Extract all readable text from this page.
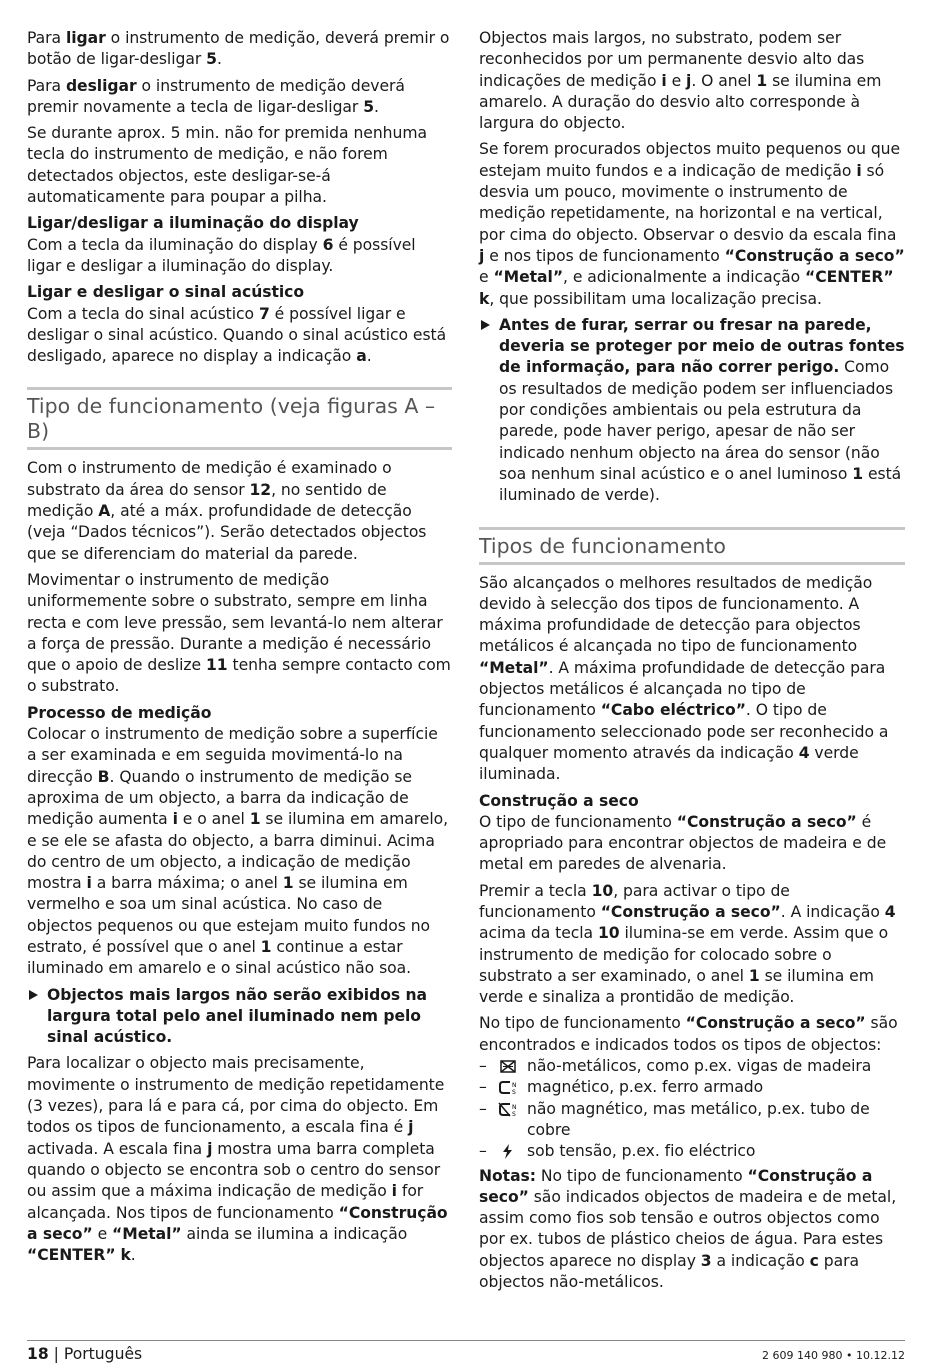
Para ligar o instrumento de medição, deverá premir o botão de ligar-desligar 5.

Para desligar o instrumento de medição deverá premir novamente a tecla de ligar-desligar 5.

Se durante aprox. 5 min. não for premida nenhuma tecla do instrumento de medição, e não forem detectados objectos, este desligar-se-á automaticamente para poupar a pilha.

Ligar/desligar a iluminação do display

Com a tecla da iluminação do display 6 é possível ligar e desligar a iluminação do display.

Ligar e desligar o sinal acústico

Com a tecla do sinal acústico 7 é possível ligar e desligar o sinal acústico. Quando o sinal acústico está desligado, aparece no display a indicação a.

Tipo de funcionamento (veja figuras A – B)

Com o instrumento de medição é examinado o substrato da área do sensor 12, no sentido de medição A, até a máx. profundidade de detecção (veja “Dados técnicos”). Serão detectados objectos que se diferenciam do material da parede.

Movimentar o instrumento de medição uniformemente sobre o substrato, sempre em linha recta e com leve pressão, sem levantá-lo nem alterar a força de pressão. Durante a medição é necessário que o apoio de deslize 11 tenha sempre contacto com o substrato.

Processo de medição

Colocar o instrumento de medição sobre a superfície a ser examinada e em seguida movimentá-lo na direcção B. Quando o instrumento de medição se aproxima de um objecto, a barra da indicação de medição aumenta i e o anel 1 se ilumina em amarelo, e se ele se afasta do objecto, a barra diminui. Acima do centro de um objecto, a indicação de medição mostra i a barra máxima; o anel 1 se ilumina em vermelho e soa um sinal acústica. No caso de objectos pequenos ou que estejam muito fundos no estrato, é possível que o anel 1 continue a estar iluminado em amarelo e o sinal acústico não soa.

Objectos mais largos não serão exibidos na largura total pelo anel iluminado nem pelo sinal acústico.

Para localizar o objecto mais precisamente, movimente o instrumento de medição repetidamente (3 vezes), para lá e para cá, por cima do objecto. Em todos os tipos de funcionamento, a escala fina é j activada. A escala fina j mostra uma barra completa quando o objecto se encontra sob o centro do sensor ou assim que a máxima indicação de medição i for alcançada. Nos tipos de funcionamento “Construção a seco” e “Metal” ainda se ilumina a indicação “CENTER” k.

Objectos mais largos, no substrato, podem ser reconhecidos por um permanente desvio alto das indicações de medição i e j. O anel 1 se ilumina em amarelo. A duração do desvio alto corresponde à largura do objecto.

Se forem procurados objectos muito pequenos ou que estejam muito fundos e a indicação de medição i só desvia um pouco, movimente o instrumento de medição repetidamente, na horizontal e na vertical, por cima do objecto. Observar o desvio da escala fina j e nos tipos de funcionamento “Construção a seco” e “Metal”, e adicionalmente a indicação “CENTER” k, que possibilitam uma localização precisa.

Antes de furar, serrar ou fresar na parede, deveria se proteger por meio de outras fontes de informação, para não correr perigo. Como os resultados de medição podem ser influenciados por condições ambientais ou pela estrutura da parede, pode haver perigo, apesar de não ser indicado nenhum objecto na área do sensor (não soa nenhum sinal acústico e o anel luminoso 1 está iluminado de verde).
Tipos de funcionamento

São alcançados o melhores resultados de medição devido à selecção dos tipos de funcionamento. A máxima profundidade de detecção para objectos metálicos é alcançada no tipo de funcionamento “Metal”. A máxima profundidade de detecção para objectos metálicos é alcançada no tipo de funcionamento “Cabo eléctrico”. O tipo de funcionamento seleccionado pode ser reconhecido a qualquer momento através da indicação 4 verde iluminada.

Construção a seco

O tipo de funcionamento “Construção a seco” é apropriado para encontrar objectos de madeira e de metal em paredes de alvenaria.

Premir a tecla 10, para activar o tipo de funcionamento “Construção a seco”. A indicação 4 acima da tecla 10 ilumina-se em verde. Assim que o instrumento de medição for colocado sobre o substrato a ser examinado, o anel 1 se ilumina em verde e sinaliza a prontidão de medição.

No tipo de funcionamento “Construção a seco” são encontrados e indicados todos os tipos de objectos:

–	não-metálicos, como p.ex. vigas de madeira
–	N
S magnético, p.ex. ferro armado
–	N
S não magnético, mas metálico, p.ex. tubo de cobre
–	sob tensão, p.ex. fio eléctrico

Notas: No tipo de funcionamento “Construção a seco” são indicados objectos de madeira e de metal, assim como fios sob tensão e outros objectos como por ex. tubos de plástico cheios de água. Para estes objectos aparece no display 3 a indicação c para objectos não-metálicos.

18 | Português	2 609 140 980 • 10.12.12
